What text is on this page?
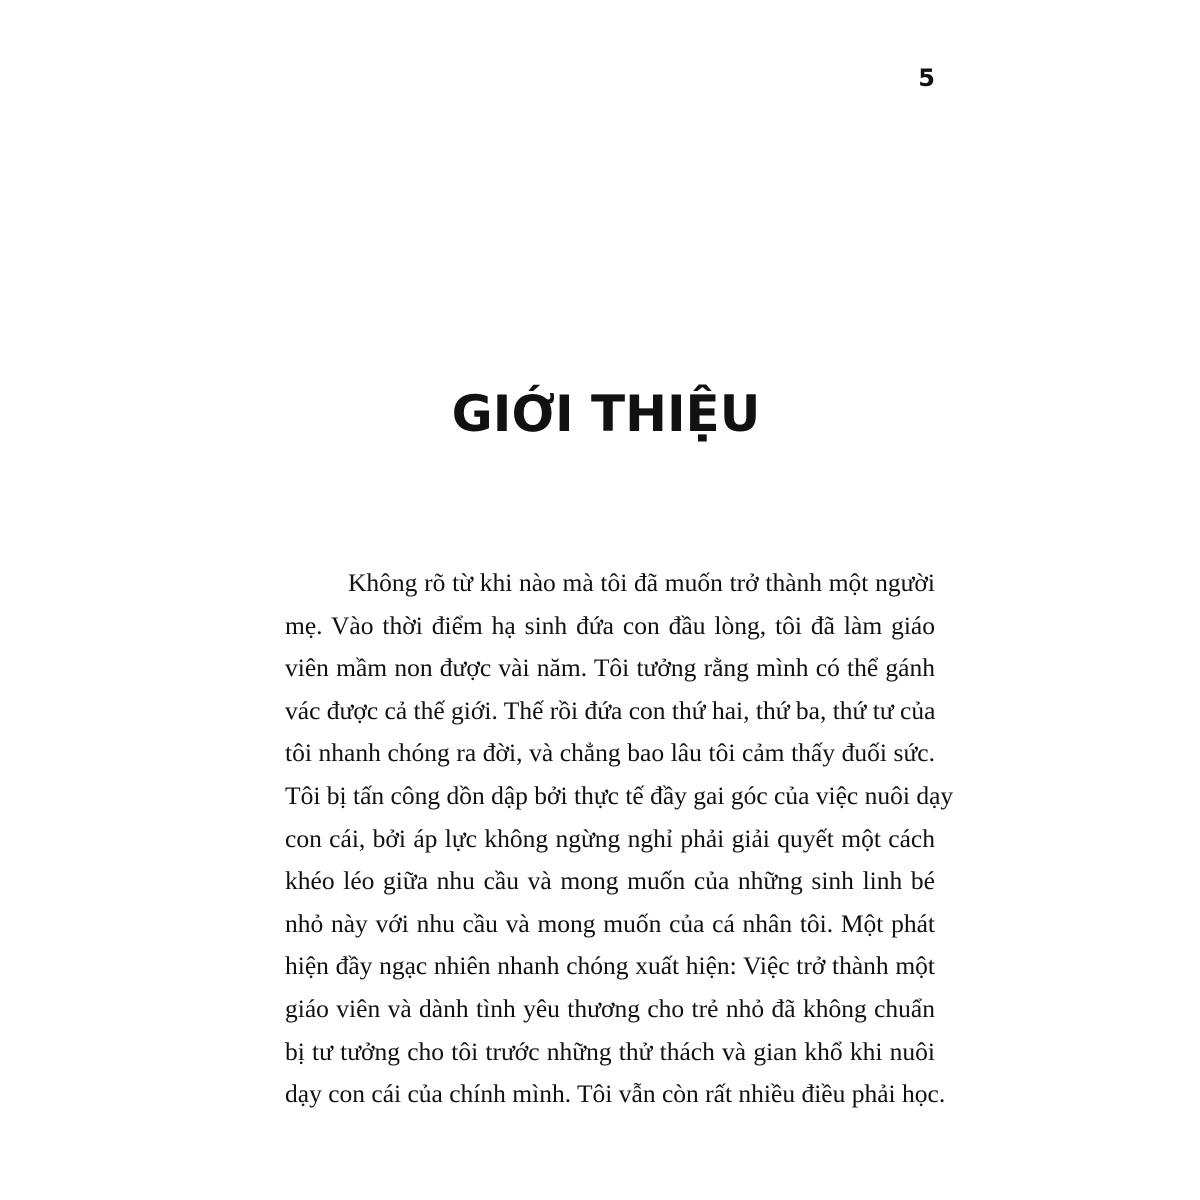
5
GIỚI THIỆU
Không rõ từ khi nào mà tôi đã muốn trở thành một người
mẹ. Vào thời điểm hạ sinh đứa con đầu lòng, tôi đã làm giáo
viên mầm non được vài năm. Tôi tưởng rằng mình có thể gánh
vác được cả thế giới. Thế rồi đứa con thứ hai, thứ ba, thứ tư của
tôi nhanh chóng ra đời, và chẳng bao lâu tôi cảm thấy đuối sức.
Tôi bị tấn công dồn dập bởi thực tế đầy gai góc của việc nuôi dạy
con cái, bởi áp lực không ngừng nghỉ phải giải quyết một cách
khéo léo giữa nhu cầu và mong muốn của những sinh linh bé
nhỏ này với nhu cầu và mong muốn của cá nhân tôi. Một phát
hiện đầy ngạc nhiên nhanh chóng xuất hiện: Việc trở thành một
giáo viên và dành tình yêu thương cho trẻ nhỏ đã không chuẩn
bị tư tưởng cho tôi trước những thử thách và gian khổ khi nuôi
dạy con cái của chính mình. Tôi vẫn còn rất nhiều điều phải học.
